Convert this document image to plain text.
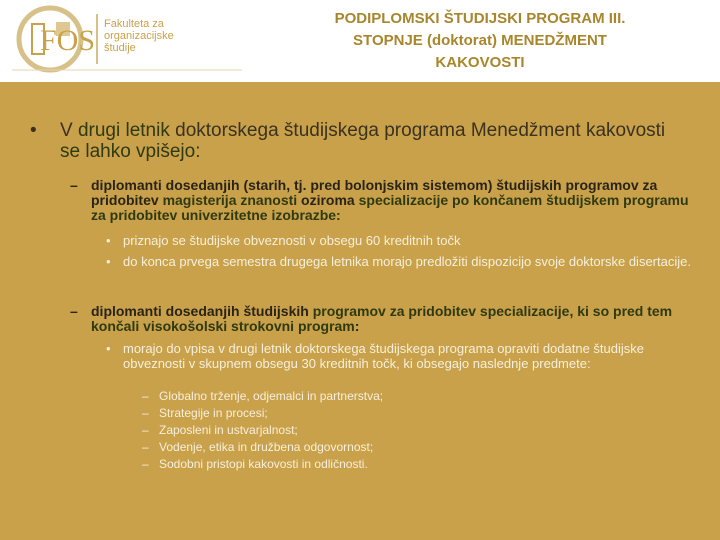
FOS Fakulteta za
organizacijske
študije
PODIPLOMSKI ŠTUDIJSKI PROGRAM III.
STOPNJE (doktorat) MENEDŽMENT
KAKOVOSTI
• V drugi letnik doktorskega študijskega programa Menedžment kakovosti se lahko vpišejo:
– diplomanti dosedanjih (starih, tj. pred bolonjskim sistemom) študijskih programov za pridobitev magisterija znanosti oziroma specializacije po končanem študijskem programu za pridobitev univerzitetne izobrazbe:
• priznajo se študijske obveznosti v obsegu 60 kreditnih točk
• do konca prvega semestra drugega letnika morajo predložiti dispozicijo svoje doktorske disertacije.
– diplomanti dosedanjih študijskih programov za pridobitev specializacije, ki so pred tem končali visokošolski strokovni program:
• morajo do vpisa v drugi letnik doktorskega študijskega programa opraviti dodatne študijske obveznosti v skupnem obsegu 30 kreditnih točk, ki obsegajo naslednje predmete:
– Globalno trženje, odjemalci in partnerstva;
– Strategije in procesi;
– Zaposleni in ustvarjalnost;
– Vodenje, etika in družbena odgovornost;
– Sodobni pristopi kakovosti in odličnosti.
